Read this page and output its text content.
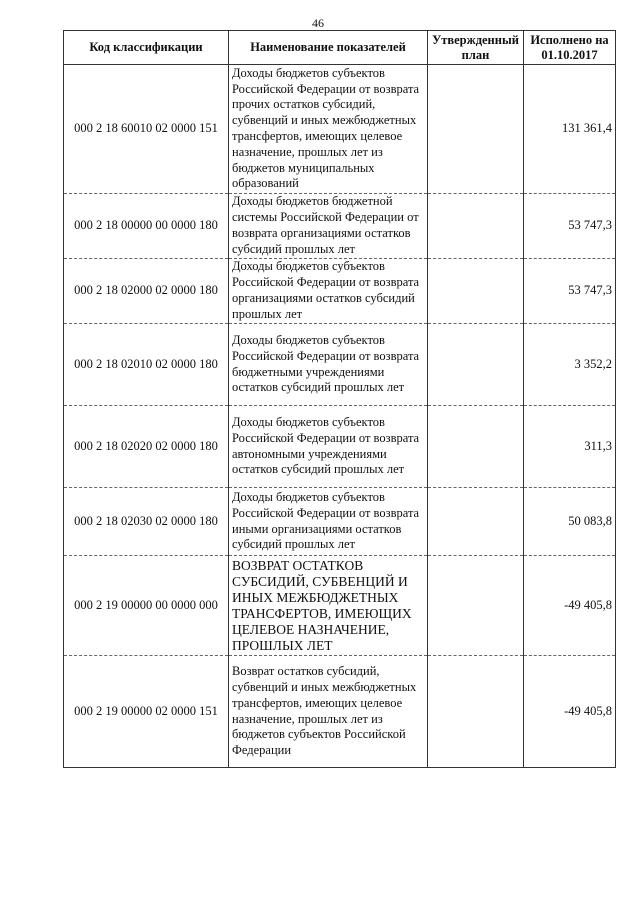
46
Код классификации	Наименование показателей	Утвержденный план	Исполнено на 01.10.2017
000 2 18 60010 02 0000 151	Доходы бюджетов субъектов Российской Федерации от возврата прочих остатков субсидий, субвенций и иных межбюджетных трансфертов, имеющих целевое назначение, прошлых лет из бюджетов муниципальных образований		131 361,4
000 2 18 00000 00 0000 180	Доходы бюджетов бюджетной системы Российской Федерации от возврата организациями остатков субсидий прошлых лет		53 747,3
000 2 18 02000 02 0000 180	Доходы бюджетов субъектов Российской Федерации от возврата организациями остатков субсидий прошлых лет		53 747,3
000 2 18 02010 02 0000 180	Доходы бюджетов субъектов Российской Федерации от возврата бюджетными учреждениями остатков субсидий прошлых лет		3 352,2
000 2 18 02020 02 0000 180	Доходы бюджетов субъектов Российской Федерации от возврата автономными учреждениями остатков субсидий прошлых лет		311,3
000 2 18 02030 02 0000 180	Доходы бюджетов субъектов Российской Федерации от возврата иными организациями остатков субсидий прошлых лет		50 083,8
000 2 19 00000 00 0000 000	ВОЗВРАТ ОСТАТКОВ СУБСИДИЙ, СУБВЕНЦИЙ И ИНЫХ МЕЖБЮДЖЕТНЫХ ТРАНСФЕРТОВ, ИМЕЮЩИХ ЦЕЛЕВОЕ НАЗНАЧЕНИЕ, ПРОШЛЫХ ЛЕТ		-49 405,8
000 2 19 00000 02 0000 151	Возврат остатков субсидий, субвенций и иных межбюджетных трансфертов, имеющих целевое назначение, прошлых лет из бюджетов субъектов Российской Федерации		-49 405,8
